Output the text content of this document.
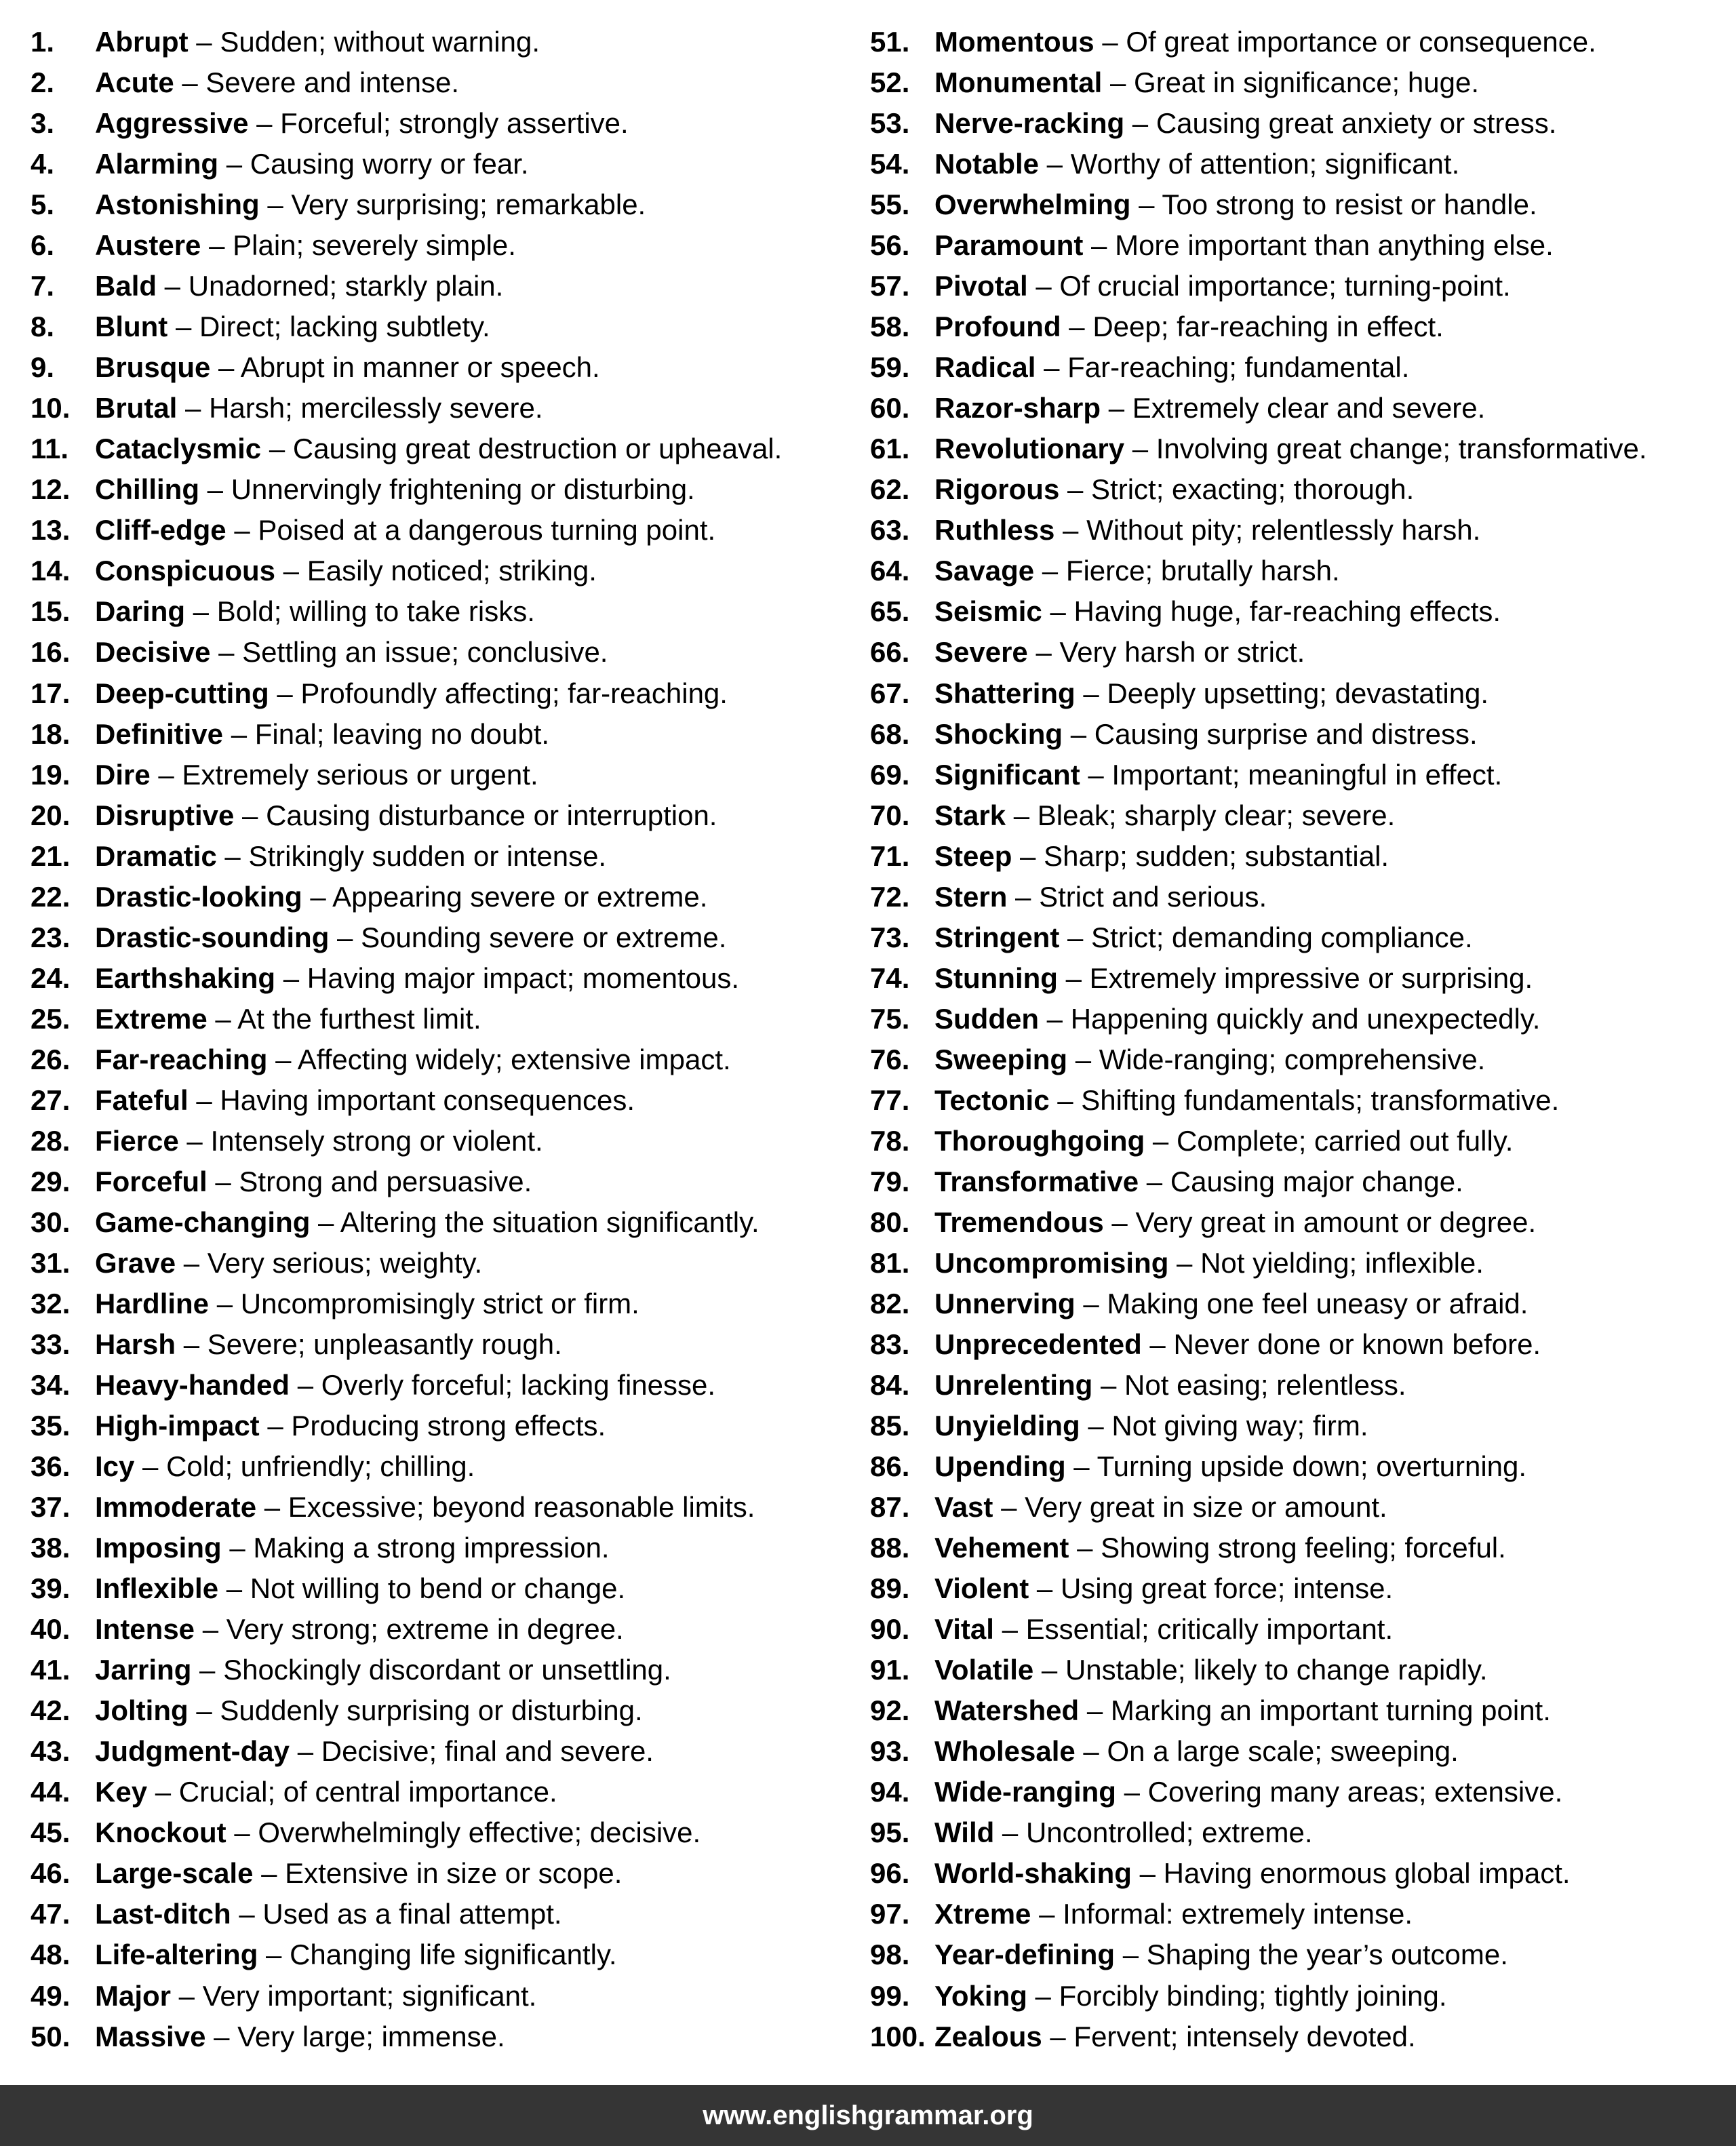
1. Abrupt – Sudden; without warning.
2. Acute – Severe and intense.
3. Aggressive – Forceful; strongly assertive.
4. Alarming – Causing worry or fear.
5. Astonishing – Very surprising; remarkable.
6. Austere – Plain; severely simple.
7. Bald – Unadorned; starkly plain.
8. Blunt – Direct; lacking subtlety.
9. Brusque – Abrupt in manner or speech.
10. Brutal – Harsh; mercilessly severe.
11. Cataclysmic – Causing great destruction or upheaval.
12. Chilling – Unnervingly frightening or disturbing.
13. Cliff-edge – Poised at a dangerous turning point.
14. Conspicuous – Easily noticed; striking.
15. Daring – Bold; willing to take risks.
16. Decisive – Settling an issue; conclusive.
17. Deep-cutting – Profoundly affecting; far-reaching.
18. Definitive – Final; leaving no doubt.
19. Dire – Extremely serious or urgent.
20. Disruptive – Causing disturbance or interruption.
21. Dramatic – Strikingly sudden or intense.
22. Drastic-looking – Appearing severe or extreme.
23. Drastic-sounding – Sounding severe or extreme.
24. Earthshaking – Having major impact; momentous.
25. Extreme – At the furthest limit.
26. Far-reaching – Affecting widely; extensive impact.
27. Fateful – Having important consequences.
28. Fierce – Intensely strong or violent.
29. Forceful – Strong and persuasive.
30. Game-changing – Altering the situation significantly.
31. Grave – Very serious; weighty.
32. Hardline – Uncompromisingly strict or firm.
33. Harsh – Severe; unpleasantly rough.
34. Heavy-handed – Overly forceful; lacking finesse.
35. High-impact – Producing strong effects.
36. Icy – Cold; unfriendly; chilling.
37. Immoderate – Excessive; beyond reasonable limits.
38. Imposing – Making a strong impression.
39. Inflexible – Not willing to bend or change.
40. Intense – Very strong; extreme in degree.
41. Jarring – Shockingly discordant or unsettling.
42. Jolting – Suddenly surprising or disturbing.
43. Judgment-day – Decisive; final and severe.
44. Key – Crucial; of central importance.
45. Knockout – Overwhelmingly effective; decisive.
46. Large-scale – Extensive in size or scope.
47. Last-ditch – Used as a final attempt.
48. Life-altering – Changing life significantly.
49. Major – Very important; significant.
50. Massive – Very large; immense.
51. Momentous – Of great importance or consequence.
52. Monumental – Great in significance; huge.
53. Nerve-racking – Causing great anxiety or stress.
54. Notable – Worthy of attention; significant.
55. Overwhelming – Too strong to resist or handle.
56. Paramount – More important than anything else.
57. Pivotal – Of crucial importance; turning-point.
58. Profound – Deep; far-reaching in effect.
59. Radical – Far-reaching; fundamental.
60. Razor-sharp – Extremely clear and severe.
61. Revolutionary – Involving great change; transformative.
62. Rigorous – Strict; exacting; thorough.
63. Ruthless – Without pity; relentlessly harsh.
64. Savage – Fierce; brutally harsh.
65. Seismic – Having huge, far-reaching effects.
66. Severe – Very harsh or strict.
67. Shattering – Deeply upsetting; devastating.
68. Shocking – Causing surprise and distress.
69. Significant – Important; meaningful in effect.
70. Stark – Bleak; sharply clear; severe.
71. Steep – Sharp; sudden; substantial.
72. Stern – Strict and serious.
73. Stringent – Strict; demanding compliance.
74. Stunning – Extremely impressive or surprising.
75. Sudden – Happening quickly and unexpectedly.
76. Sweeping – Wide-ranging; comprehensive.
77. Tectonic – Shifting fundamentals; transformative.
78. Thoroughgoing – Complete; carried out fully.
79. Transformative – Causing major change.
80. Tremendous – Very great in amount or degree.
81. Uncompromising – Not yielding; inflexible.
82. Unnerving – Making one feel uneasy or afraid.
83. Unprecedented – Never done or known before.
84. Unrelenting – Not easing; relentless.
85. Unyielding – Not giving way; firm.
86. Upending – Turning upside down; overturning.
87. Vast – Very great in size or amount.
88. Vehement – Showing strong feeling; forceful.
89. Violent – Using great force; intense.
90. Vital – Essential; critically important.
91. Volatile – Unstable; likely to change rapidly.
92. Watershed – Marking an important turning point.
93. Wholesale – On a large scale; sweeping.
94. Wide-ranging – Covering many areas; extensive.
95. Wild – Uncontrolled; extreme.
96. World-shaking – Having enormous global impact.
97. Xtreme – Informal: extremely intense.
98. Year-defining – Shaping the year’s outcome.
99. Yoking – Forcibly binding; tightly joining.
100. Zealous – Fervent; intensely devoted.
www.englishgrammar.org
